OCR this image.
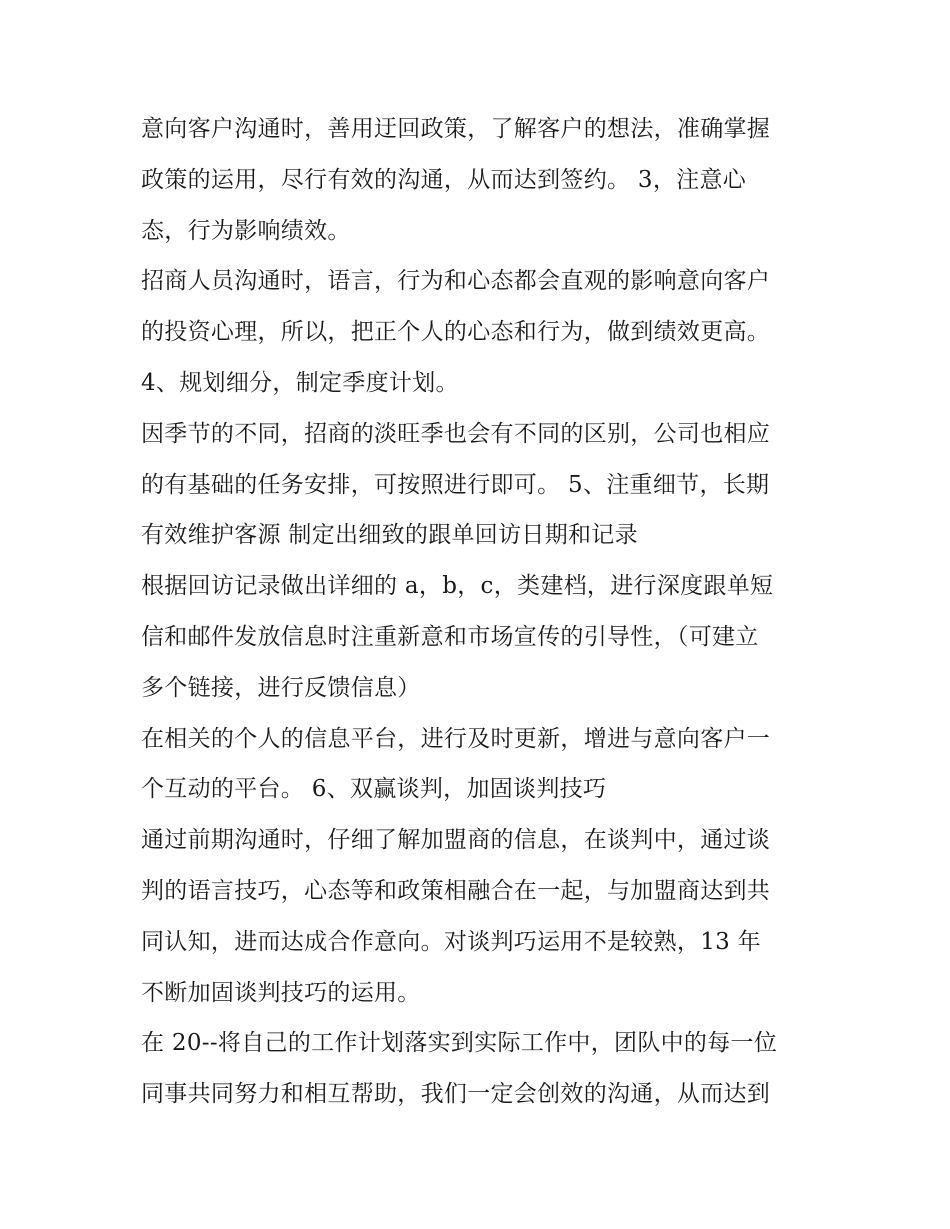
意向客户沟通时，善用迂回政策，了解客户的想法，准确掌握
政策的运用，尽行有效的沟通，从而达到签约。 3，注意心
态，行为影响绩效。
招商人员沟通时，语言，行为和心态都会直观的影响意向客户
的投资心理，所以，把正个人的心态和行为，做到绩效更高。
4、规划细分，制定季度计划。
因季节的不同，招商的淡旺季也会有不同的区别，公司也相应
的有基础的任务安排，可按照进行即可。 5、注重细节，长期
有效维护客源 制定出细致的跟单回访日期和记录
根据回访记录做出详细的 a，b，c，类建档，进行深度跟单短
信和邮件发放信息时注重新意和市场宣传的引导性，（可建立
多个链接，进行反馈信息）
在相关的个人的信息平台，进行及时更新，增进与意向客户一
个互动的平台。 6、双赢谈判，加固谈判技巧
通过前期沟通时，仔细了解加盟商的信息，在谈判中，通过谈
判的语言技巧，心态等和政策相融合在一起，与加盟商达到共
同认知，进而达成合作意向。对谈判巧运用不是较熟，13 年
不断加固谈判技巧的运用。
在 20--将自己的工作计划落实到实际工作中，团队中的每一位
同事共同努力和相互帮助，我们一定会创效的沟通，从而达到
